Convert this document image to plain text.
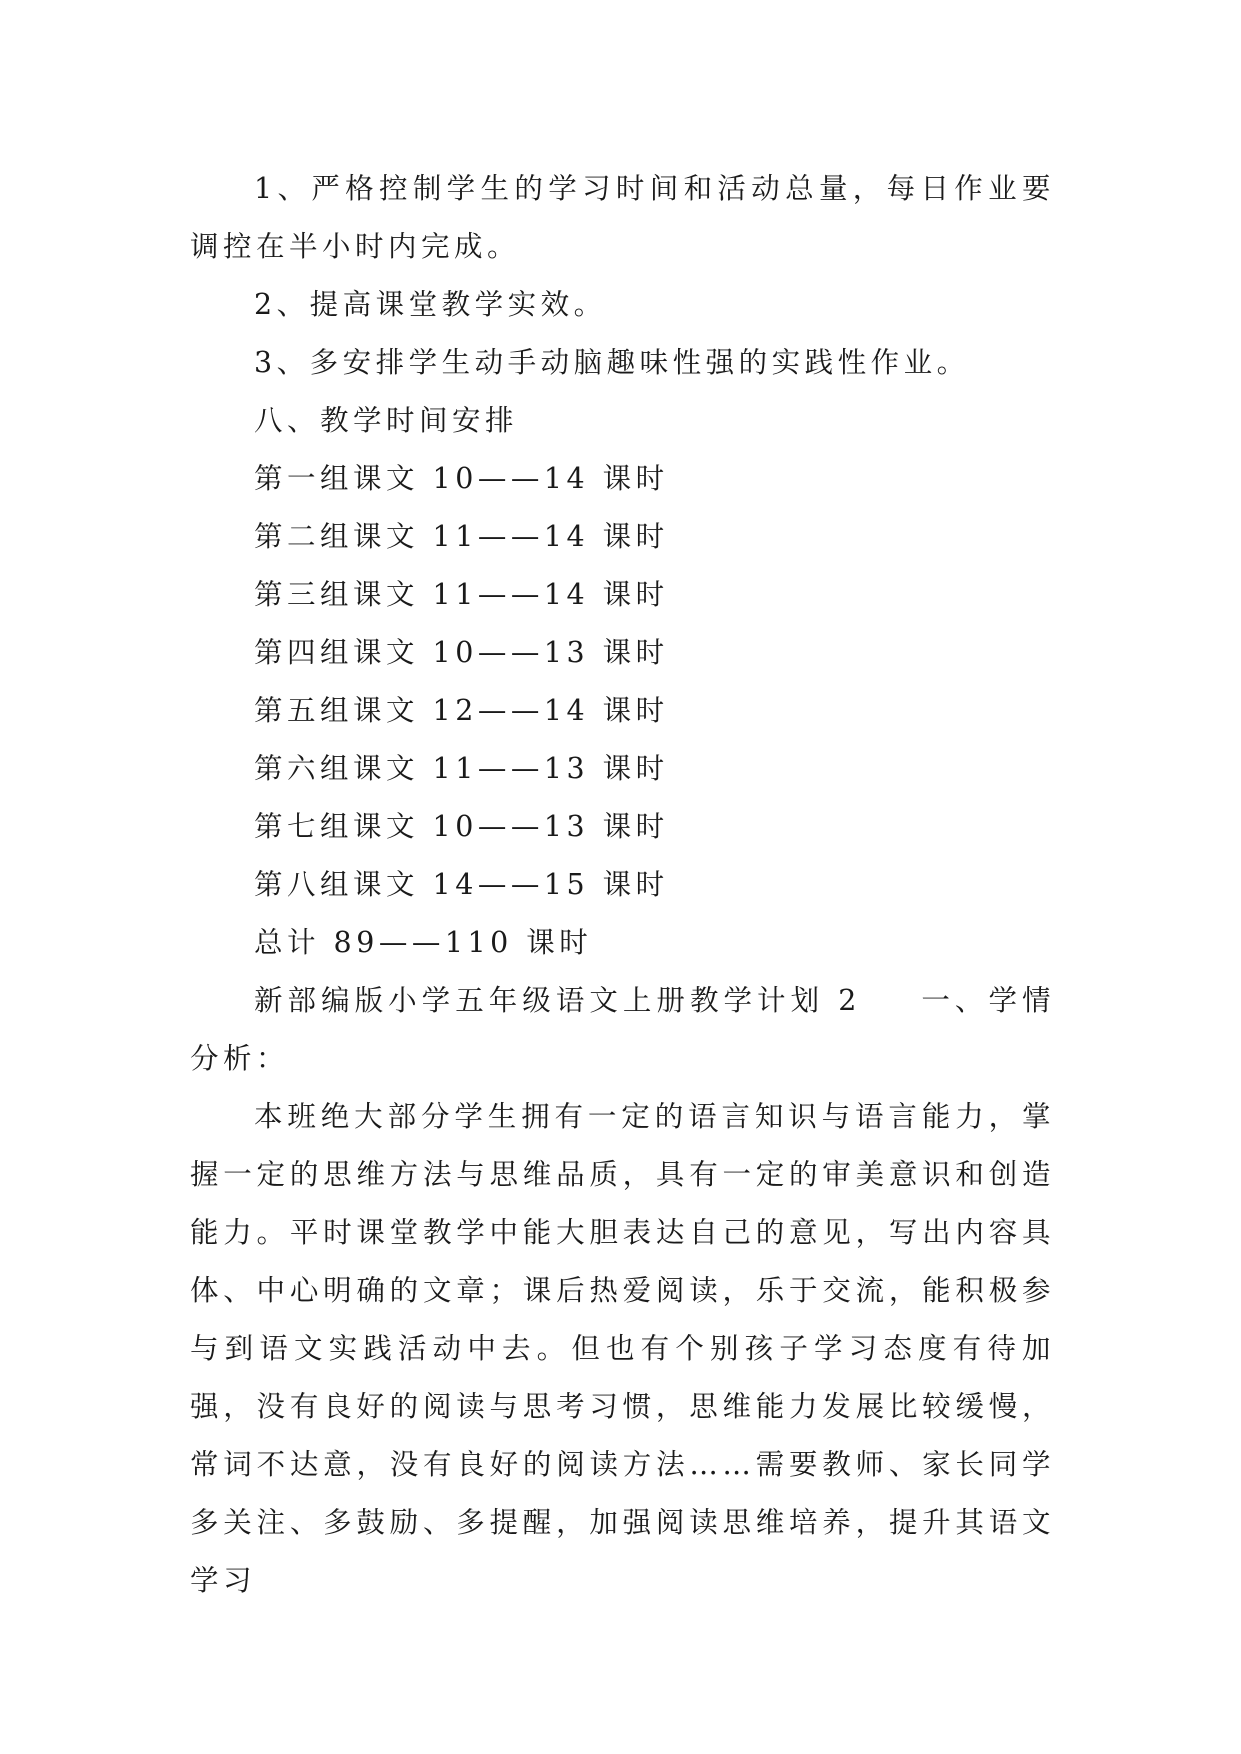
1、严格控制学生的学习时间和活动总量，每日作业要调控在半小时内完成。

2、提高课堂教学实效。

3、多安排学生动手动脑趣味性强的实践性作业。

八、教学时间安排

第一组课文 10——14 课时

第二组课文 11——14 课时

第三组课文 11——14 课时

第四组课文 10——13 课时

第五组课文 12——14 课时

第六组课文 11——13 课时

第七组课文 10——13 课时

第八组课文 14——15 课时

总计 89——110 课时

新部编版小学五年级语文上册教学计划 2 一、学情分析：

本班绝大部分学生拥有一定的语言知识与语言能力，掌握一定的思维方法与思维品质，具有一定的审美意识和创造能力。平时课堂教学中能大胆表达自己的意见，写出内容具体、中心明确的文章；课后热爱阅读，乐于交流，能积极参与到语文实践活动中去。但也有个别孩子学习态度有待加强，没有良好的阅读与思考习惯，思维能力发展比较缓慢，常词不达意，没有良好的阅读方法……需要教师、家长同学多关注、多鼓励、多提醒，加强阅读思维培养，提升其语文学习
